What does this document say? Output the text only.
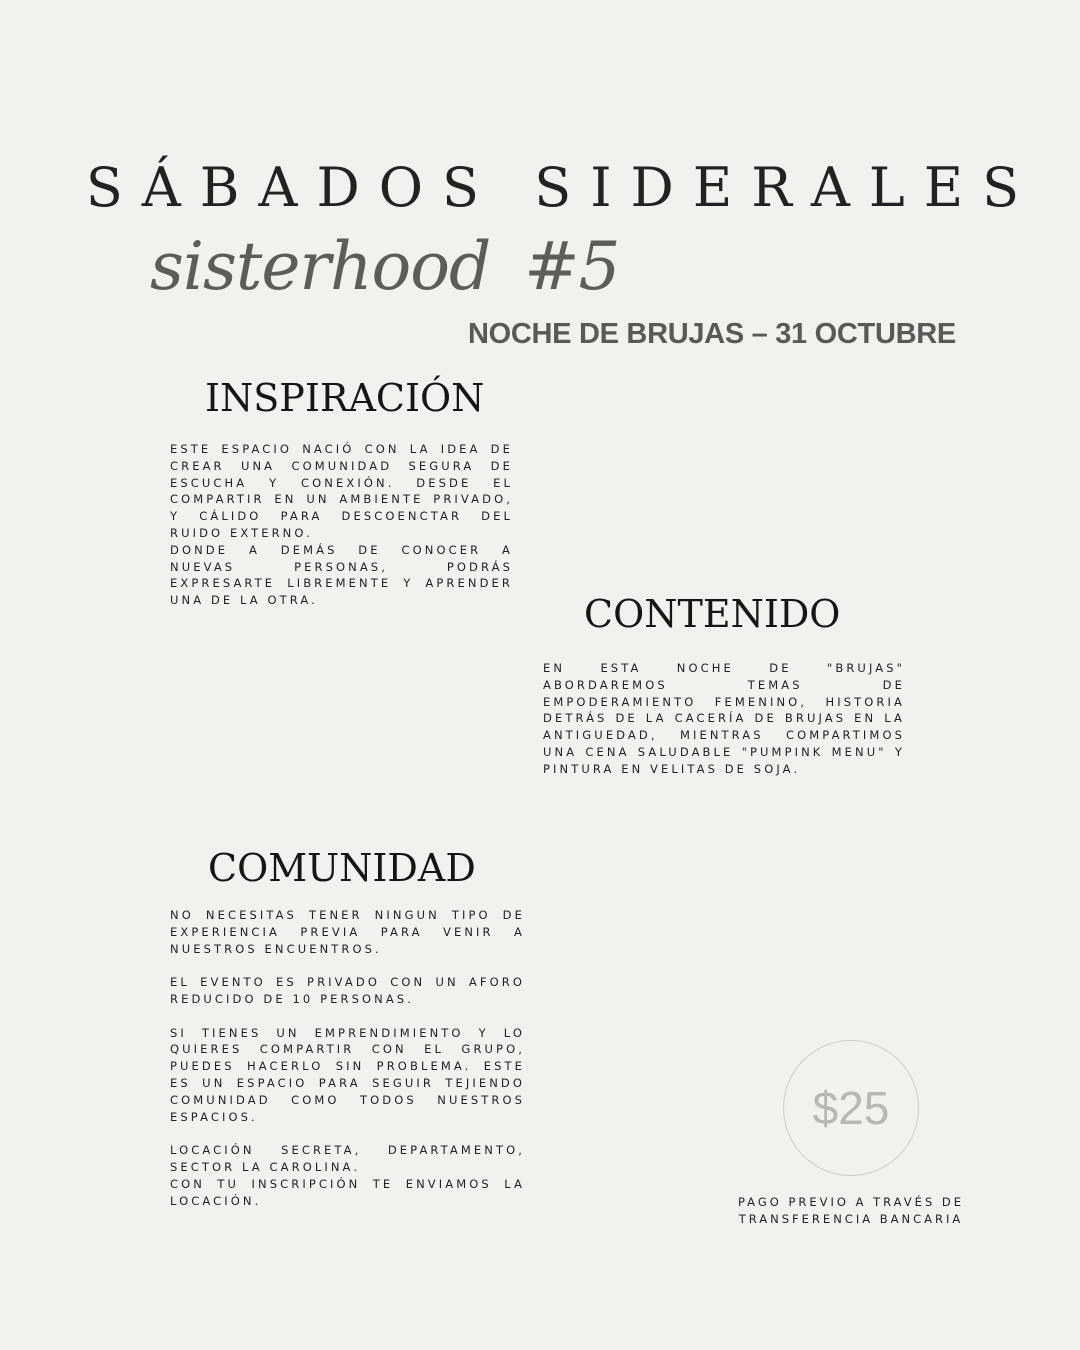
SÁBADOS SIDERALES
sisterhood #5
NOCHE DE BRUJAS – 31 OCTUBRE
INSPIRACIÓN

ESTE ESPACIO NACIÓ CON LA IDEA DE CREAR UNA COMUNIDAD SEGURA DE ESCUCHA Y CONEXIÓN. DESDE EL COMPARTIR EN UN AMBIENTE PRIVADO, Y CÁLIDO PARA DESCOENCTAR DEL RUIDO EXTERNO.

DONDE A DEMÁS DE CONOCER A NUEVAS PERSONAS, PODRÁS EXPRESARTE LIBREMENTE Y APRENDER UNA DE LA OTRA.	CONTENIDO

EN ESTA NOCHE DE "BRUJAS" ABORDAREMOS TEMAS DE EMPODERAMIENTO FEMENINO, HISTORIA DETRÁS DE LA CACERÍA DE BRUJAS EN LA ANTIGUEDAD, MIENTRAS COMPARTIMOS UNA CENA SALUDABLE "PUMPINK MENU" Y PINTURA EN VELITAS DE SOJA.

COMUNIDAD

NO NECESITAS TENER NINGUN TIPO DE EXPERIENCIA PREVIA PARA VENIR A NUESTROS ENCUENTROS.

EL EVENTO ES PRIVADO CON UN AFORO REDUCIDO DE 10 PERSONAS.

SI TIENES UN EMPRENDIMIENTO Y LO QUIERES COMPARTIR CON EL GRUPO, PUEDES HACERLO SIN PROBLEMA. ESTE ES UN ESPACIO PARA SEGUIR TEJIENDO COMUNIDAD COMO TODOS NUESTROS ESPACIOS.

LOCACIÓN SECRETA, DEPARTAMENTO, SECTOR LA CAROLINA.

CON TU INSCRIPCIÓN TE ENVIAMOS LA LOCACIÓN.

$25
PAGO PREVIO A TRAVÉS DE TRANSFERENCIA BANCARIA
